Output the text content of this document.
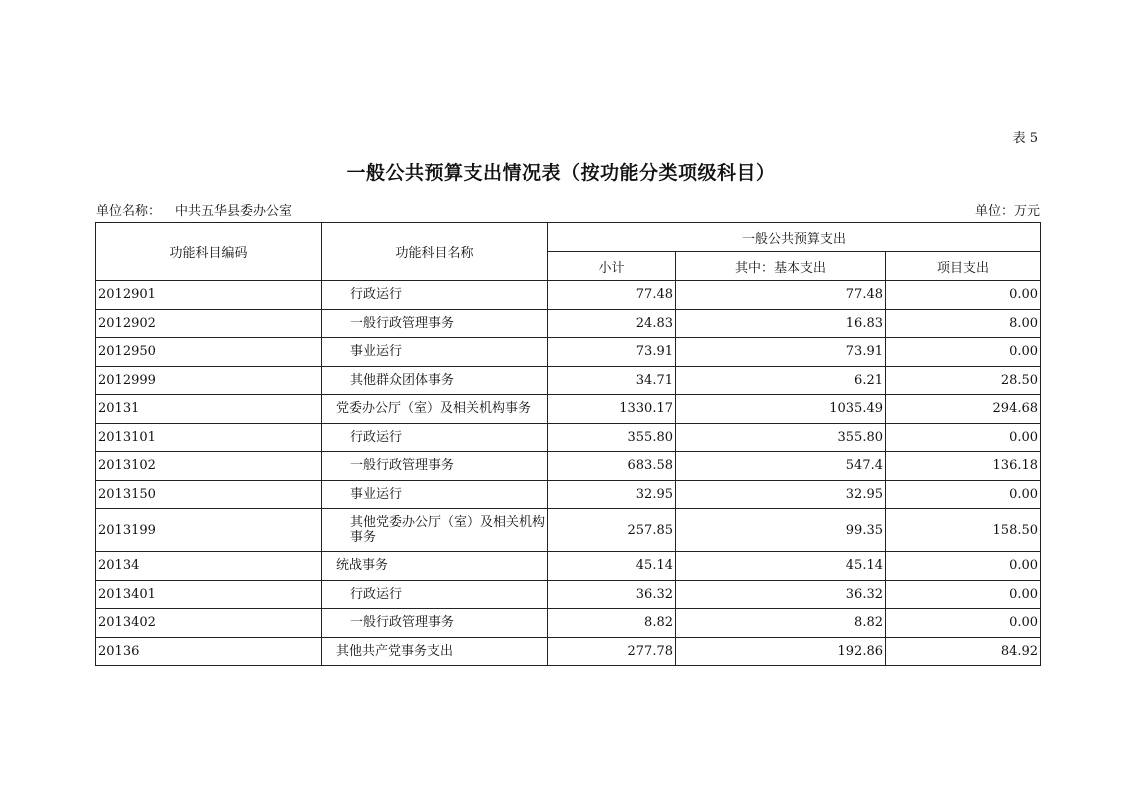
表 5
一般公共预算支出情况表（按功能分类项级科目）
单位名称： 中共五华县委办公室	单位：万元
功能科目编码	功能科目名称	一般公共预算支出		
		小计	其中：基本支出	项目支出
2012901	行政运行	77.48	77.48	0.00
2012902	一般行政管理事务	24.83	16.83	8.00
2012950	事业运行	73.91	73.91	0.00
2012999	其他群众团体事务	34.71	6.21	28.50
20131	党委办公厅（室）及相关机构事务	1330.17	1035.49	294.68
2013101	行政运行	355.80	355.80	0.00
2013102	一般行政管理事务	683.58	547.4	136.18
2013150	事业运行	32.95	32.95	0.00
2013199	其他党委办公厅（室）及相关机构事务	257.85	99.35	158.50
20134	统战事务	45.14	45.14	0.00
2013401	行政运行	36.32	36.32	0.00
2013402	一般行政管理事务	8.82	8.82	0.00
20136	其他共产党事务支出	277.78	192.86	84.92
